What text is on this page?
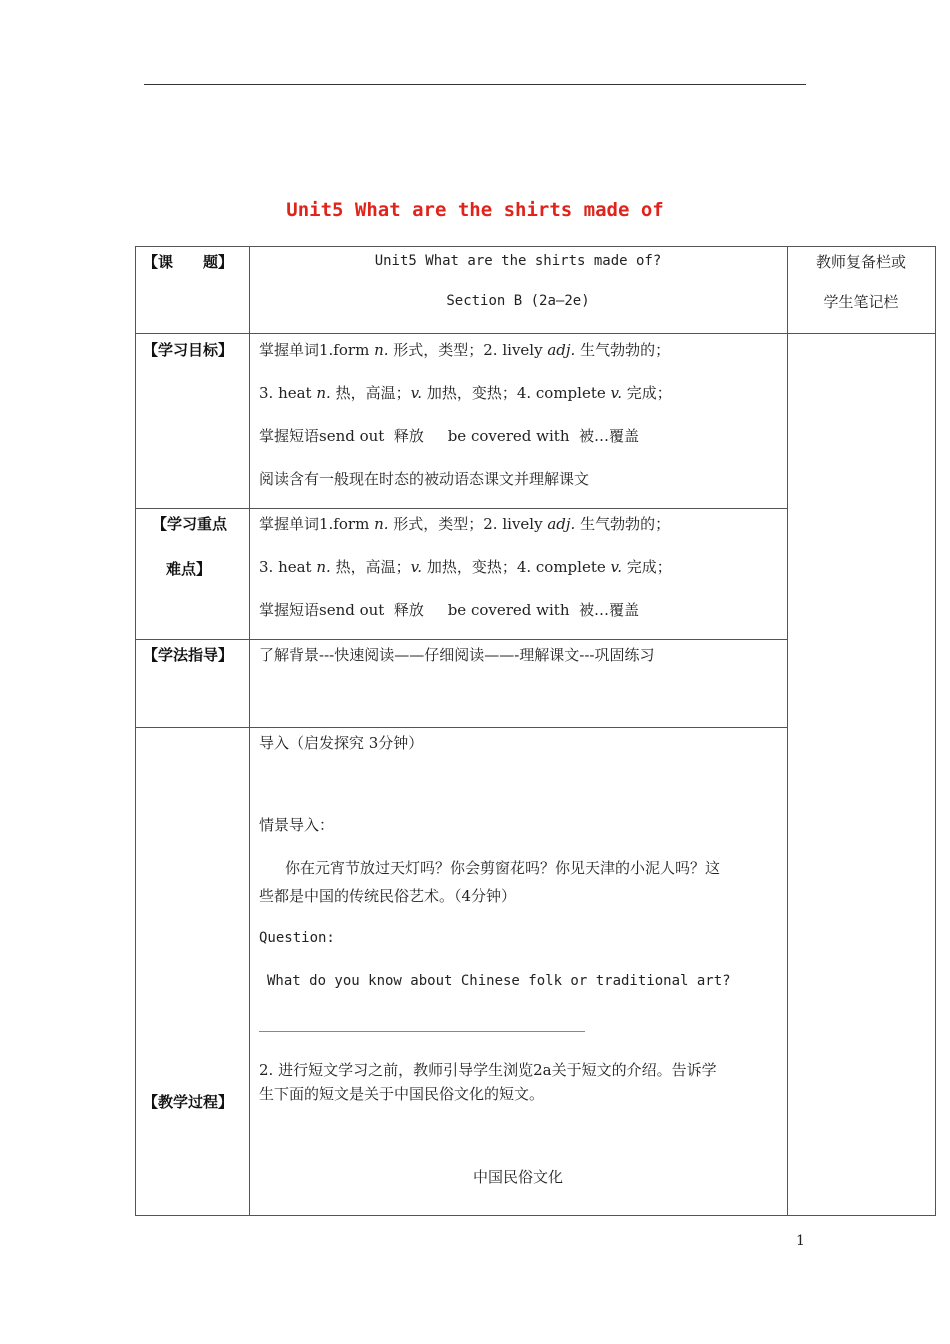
Unit5 What are the shirts made of
【课　　题】	Unit5 What are the shirts made of?
Section B (2a—2e)
教师复备栏或
学生笔记栏
【学习目标】 掌握单词1.form n. 形式，类型；2. lively adj. 生气勃勃的；
3. heat n. 热，高温；v. 加热，变热；4. complete v. 完成；
掌握短语send out  释放     be covered with  被…覆盖
阅读含有一般现在时态的被动语态课文并理解课文
【学习重点
难点】
掌握单词1.form n. 形式，类型；2. lively adj. 生气勃勃的；
3. heat n. 热，高温；v. 加热，变热；4. complete v. 完成；
掌握短语send out  释放     be covered with  被…覆盖
【学法指导】 了解背景---快速阅读——仔细阅读——-理解课文---巩固练习
【教学过程】
导入（启发探究 3分钟）
情景导入：
你在元宵节放过天灯吗？你会剪窗花吗？你见天津的小泥人吗？这
些都是中国的传统民俗艺术。（4分钟）
Question:
What do you know about Chinese folk or traditional art?
2. 进行短文学习之前，教师引导学生浏览2a关于短文的介绍。告诉学
生下面的短文是关于中国民俗文化的短文。
中国民俗文化
1
